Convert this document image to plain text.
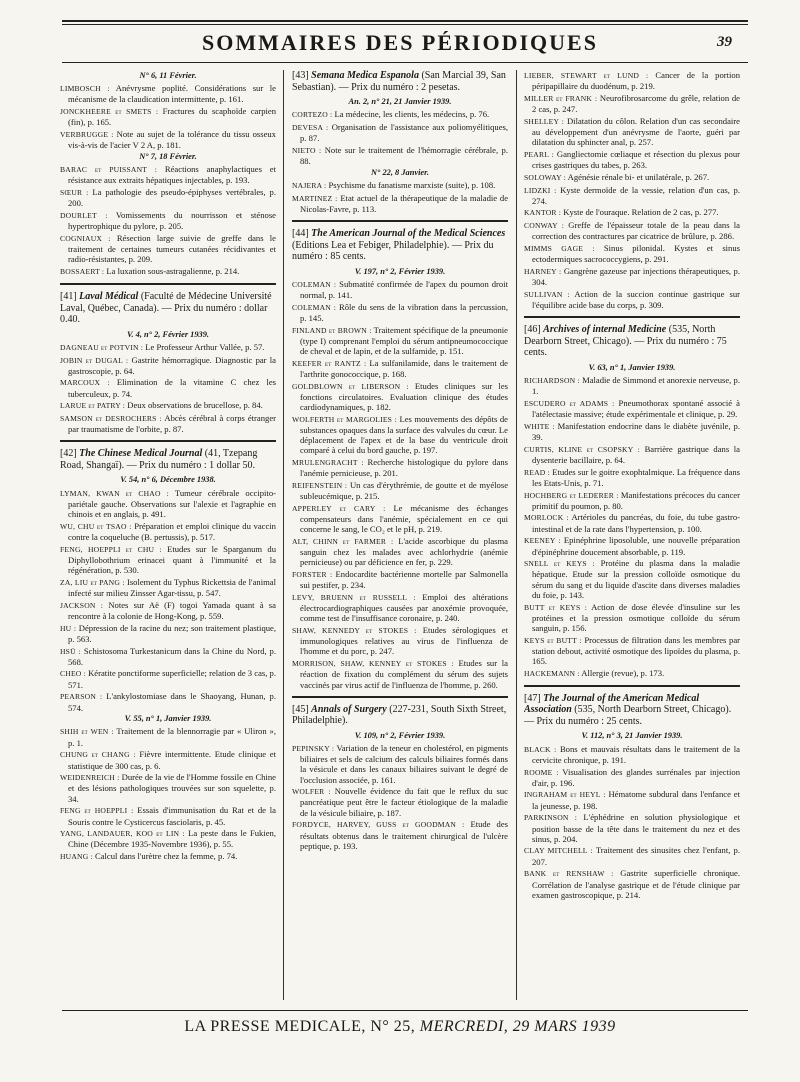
SOMMAIRES DES PÉRIODIQUES	39
N° 6, 11 Février.
LIMBOSCH : Anévrysme poplité. Considérations sur le mécanisme de la claudication intermittente, p. 161.
JONCKHEERE et SMETS : Fractures du scaphoïde carpien (fin), p. 165.
VERBRUGGE : Note au sujet de la tolérance du tissu osseux vis-à-vis de l'acier V 2 A, p. 181.
N° 7, 18 Février.
BARAC et PUISSANT : Réactions anaphylactiques et résistance aux extraits hépatiques injectables, p. 193.
SŒUR : La pathologie des pseudo-épiphyses vertébrales, p. 200.
DOURLET : Vomissements du nourrisson et sténose hypertrophique du pylore, p. 205.
COGNIAUX : Résection large suivie de greffe dans le traitement de certaines tumeurs cutanées récidivantes et radio-résistantes, p. 209.
BOSSAERT : La luxation sous-astragalienne, p. 214.
[41] Laval Médical (Faculté de Médecine Université Laval, Québec, Canada). — Prix du numéro : dollar 0.40.
V. 4, n° 2, Février 1939.
DAGNEAU et POTVIN : Le Professeur Arthur Vallée, p. 57.
JOBIN et DUGAL : Gastrite hémorragique. Diagnostic par la gastroscopie, p. 64.
MARCOUX : Elimination de la vitamine C chez les tuberculeux, p. 74.
LARUE et PATRY : Deux observations de brucellose, p. 84.
SAMSON et DESROCHERS : Abcès cérébral à corps étranger par traumatisme de l'orbite, p. 87.
[42] The Chinese Medical Journal (41, Tzepang Road, Shangaï). — Prix du numéro : 1 dollar 50.
V. 54, n° 6, Décembre 1938.
LYMAN, KWAN et CHAO : Tumeur cérébrale occipito-pariétale gauche. Observations sur l'alexie et l'agraphie en chinois et en anglais, p. 491.
WU, CHU et TSAO : Préparation et emploi clinique du vaccin contre la coqueluche (B. pertussis), p. 517.
FENG, HOEPPLI et CHU : Etudes sur le Sparganum du Diphyllobothrium erinacei quant à l'immunité et la régénération, p. 530.
ZA, LIU et PANG : Isolement du Typhus Rickettsia de l'animal infecté sur milieu Zinsser Agar-tissu, p. 547.
JACKSON : Notes sur Aë (F) togoi Yamada quant à sa rencontre à la colonie de Hong-Kong, p. 559.
HU : Dépression de la racine du nez; son traitement plastique, p. 563.
HSÜ : Schistosoma Turkestanicum dans la Chine du Nord, p. 568.
CHEO : Kératite ponctiforme superficielle; relation de 3 cas, p. 571.
PEARSON : L'ankylostomiase dans le Shaoyang, Hunan, p. 574.
V. 55, n° 1, Janvier 1939.
SHIH et WEN : Traitement de la blennorragie par « Uliron », p. 1.
CHUNG et CHANG : Fièvre intermittente. Etude clinique et statistique de 300 cas, p. 6.
WEIDENREICH : Durée de la vie de l'Homme fossile en Chine et des lésions pathologiques trouvées sur son squelette, p. 34.
FENG et HOEPPLI : Essais d'immunisation du Rat et de la Souris contre le Cysticercus fasciolaris, p. 45.
YANG, LANDAUER, KOO et LIN : La peste dans le Fukien, Chine (Décembre 1935-Novembre 1936), p. 55.
HUANG : Calcul dans l'urètre chez la femme, p. 74.
[43] Semana Medica Espanola (San Marcial 39, San Sebastian). — Prix du numéro : 2 pesetas.
An. 2, n° 21, 21 Janvier 1939.
CORTEZO : La médecine, les clients, les médecins, p. 76.
DEVESA : Organisation de l'assistance aux poliomyélitiques, p. 87.
NIETO : Note sur le traitement de l'hémorragie cérébrale, p. 88.
N° 22, 8 Janvier.
NAJERA : Psychisme du fanatisme marxiste (suite), p. 108.
MARTINEZ : Etat actuel de la thérapeutique de la maladie de Nicolas-Favre, p. 113.
[44] The American Journal of the Medical Sciences (Editions Lea et Febiger, Philadelphie). — Prix du numéro : 85 cents.
V. 197, n° 2, Février 1939.
COLEMAN : Submatité confirmée de l'apex du poumon droit normal, p. 141.
COLEMAN : Rôle du sens de la vibration dans la percussion, p. 145.
FINLAND et BROWN : Traitement spécifique de la pneumonie (type I) comprenant l'emploi du sérum antipneumococcique de cheval et de lapin, et de la sulfamide, p. 151.
KEEFER et RANTZ : La sulfanilamide, dans le traitement de l'arthrite gonococcique, p. 168.
GOLDBLOWN et LIBERSON : Etudes cliniques sur les fonctions circulatoires. Evaluation clinique des études cardiodynamiques, p. 182.
WOLFERTH et MARGOLIES : Les mouvements des dépôts de substances opaques dans la surface des valvules du cœur. Le déplacement de l'apex et de la base du ventricule droit comparé à celui du bord gauche, p. 197.
MRULENGRACHT : Recherche histologique du pylore dans l'anémie pernicieuse, p. 201.
REIFENSTEIN : Un cas d'érythrémie, de goutte et de myélose subleucémique, p. 215.
APPERLEY et CARY : Le mécanisme des échanges compensateurs dans l'anémie, spécialement en ce qui concerne le sang, le CO₂ et le pH, p. 219.
ALT, CHINN et FARMER : L'acide ascorbique du plasma sanguin chez les malades avec achlorhydrie (anémie pernicieuse) ou par déficience en fer, p. 229.
FORSTER : Endocardite bactérienne mortelle par Salmonella sui pestifer, p. 234.
LEVY, BRUENN et RUSSELL : Emploi des altérations électrocardiographiques causées par anoxémie provoquée, comme test de l'insuffisance coronaire, p. 240.
SHAW, KENNEDY et STOKES : Etudes sérologiques et immunologiques relatives au virus de l'influenza de l'homme et du porc, p. 247.
MORRISON, SHAW, KENNEY et STOKES : Etudes sur la réaction de fixation du complément du sérum des sujets vaccinés par virus actif de l'influenza de l'homme, p. 260.
[45] Annals of Surgery (227-231, South Sixth Street, Philadelphie).
V. 109, n° 2, Février 1939.
PEPINSKY : Variation de la teneur en cholestérol, en pigments biliaires et sels de calcium des calculs biliaires formés dans la vésicule et dans les canaux biliaires suivant le degré de l'occlusion associée, p. 161.
WOLFER : Nouvelle évidence du fait que le reflux du suc pancréatique peut être le facteur étiologique de la maladie de la vésicule biliaire, p. 187.
FORDYCE, HARVEY, GUSS et GOODMAN : Etude des résultats obtenus dans le traitement chirurgical de l'ulcère peptique, p. 193.
LIEBER, STEWART et LUND : Cancer de la portion péripapillaire du duodénum, p. 219.
MILLER et FRANK : Neurofibrosarcome du grêle, relation de 2 cas, p. 247.
SHELLEY : Dilatation du côlon. Relation d'un cas secondaire au développement d'un anévrysme de l'aorte, guéri par dilatation du sphincter anal, p. 257.
PEARL : Gangliectomie cœliaque et résection du plexus pour crises gastriques du tabes, p. 263.
SOLOWAY : Agénésie rénale bi- et unilatérale, p. 267.
LIDZKI : Kyste dermoïde de la vessie, relation d'un cas, p. 274.
KANTOR : Kyste de l'ouraque. Relation de 2 cas, p. 277.
CONWAY : Greffe de l'épaisseur totale de la peau dans la correction des contractures par cicatrice de brûlure, p. 286.
MIMMS GAGE : Sinus pilonidal. Kystes et sinus ectodermiques sacrococcygiens, p. 291.
HARNEY : Gangrène gazeuse par injections thérapeutiques, p. 304.
SULLIVAN : Action de la succion continue gastrique sur l'équilibre acide base du corps, p. 309.
[46] Archives of internal Medicine (535, North Dearborn Street, Chicago). — Prix du numéro : 75 cents.
V. 63, n° 1, Janvier 1939.
RICHARDSON : Maladie de Simmond et anorexie nerveuse, p. 1.
ESCUDERO et ADAMS : Pneumothorax spontané associé à l'atélectasie massive; étude expérimentale et clinique, p. 29.
WHITE : Manifestation endocrine dans le diabète juvénile, p. 39.
CURTIS, KLINE et CSOPSKY : Barrière gastrique dans la dysenterie bacillaire, p. 64.
READ : Etudes sur le goitre exophtalmique. La fréquence dans les Etats-Unis, p. 71.
HOCHBERG et LEDERER : Manifestations précoces du cancer primitif du poumon, p. 80.
MORLOCK : Artérioles du pancréas, du foie, du tube gastro-intestinal et de la rate dans l'hypertension, p. 100.
KEENEY : Epinéphrine liposoluble, une nouvelle préparation d'épinéphrine doucement absorbable, p. 119.
SNELL et KEYS : Protéine du plasma dans la maladie hépatique. Etude sur la pression colloïde osmotique du sérum du sang et du liquide d'ascite dans diverses maladies du foie, p. 143.
BUTT et KEYS : Action de dose élevée d'insuline sur les protéines et la pression osmotique colloïde du sérum sanguin, p. 156.
KEYS et BUTT : Processus de filtration dans les membres par station debout, activité osmotique des lipoïdes du plasma, p. 165.
HACKEMANN : Allergie (revue), p. 173.
[47] The Journal of the American Medical Association (535, North Dearborn Street, Chicago). — Prix du numéro : 25 cents.
V. 112, n° 3, 21 Janvier 1939.
BLACK : Bons et mauvais résultats dans le traitement de la cervicite chronique, p. 191.
ROOME : Visualisation des glandes surrénales par injection d'air, p. 196.
INGRAHAM et HEYL : Hématome subdural dans l'enfance et la jeunesse, p. 198.
PARKINSON : L'éphédrine en solution physiologique et position basse de la tête dans le traitement du nez et des sinus, p. 204.
CLAY MITCHELL : Traitement des sinusites chez l'enfant, p. 207.
BANK et RENSHAW : Gastrite superficielle chronique. Corrélation de l'analyse gastrique et de l'étude clinique par examen gastroscopique, p. 214.
LA PRESSE MEDICALE, N° 25, MERCREDI, 29 MARS 1939
